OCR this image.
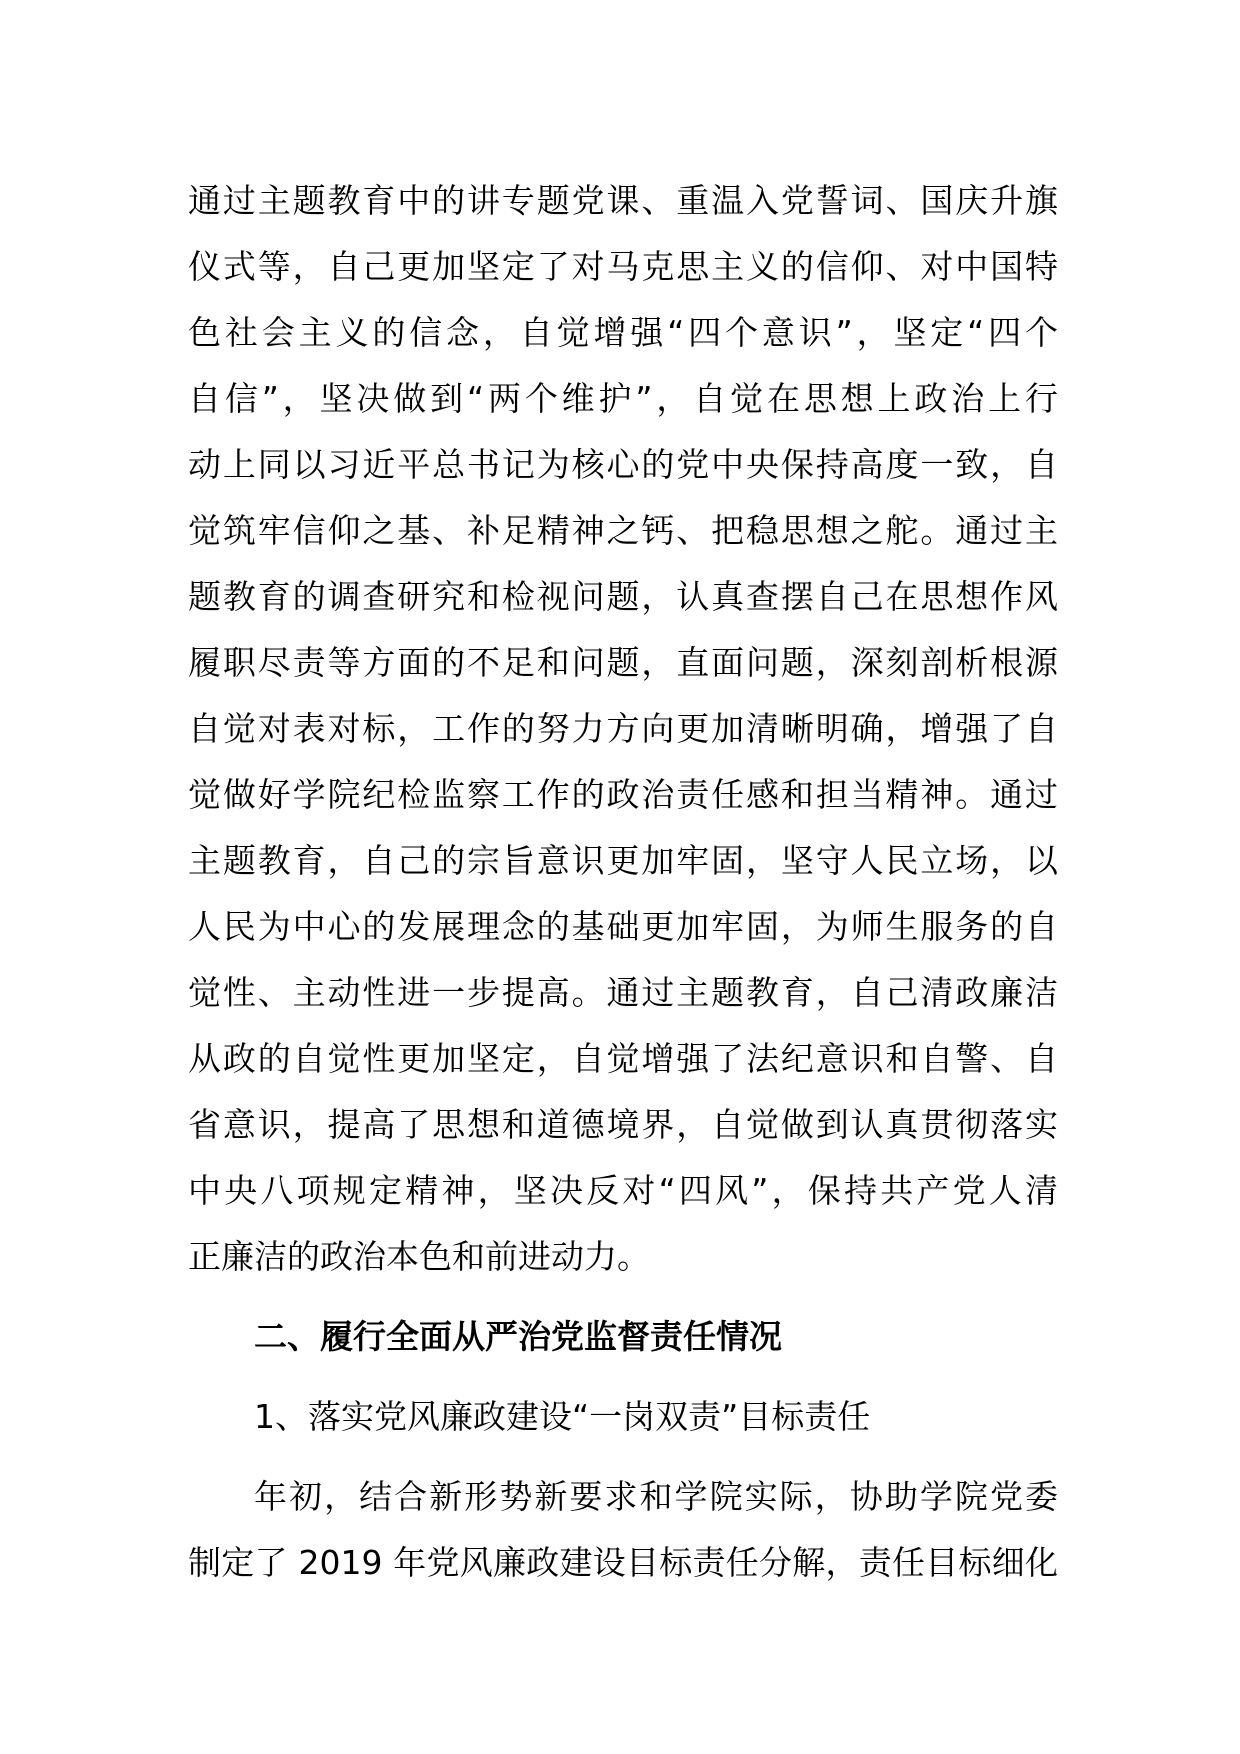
通过主题教育中的讲专题党课、重温入党誓词、国庆升旗
仪式等，自己更加坚定了对马克思主义的信仰、对中国特
色社会主义的信念，自觉增强“四个意识”，坚定“四个
自信”，坚决做到“两个维护”，自觉在思想上政治上行
动上同以习近平总书记为核心的党中央保持高度一致，自
觉筑牢信仰之基、补足精神之钙、把稳思想之舵。通过主
题教育的调查研究和检视问题，认真查摆自己在思想作风
履职尽责等方面的不足和问题，直面问题，深刻剖析根源
自觉对表对标，工作的努力方向更加清晰明确，增强了自
觉做好学院纪检监察工作的政治责任感和担当精神。通过
主题教育，自己的宗旨意识更加牢固，坚守人民立场，以
人民为中心的发展理念的基础更加牢固，为师生服务的自
觉性、主动性进一步提高。通过主题教育，自己清政廉洁
从政的自觉性更加坚定，自觉增强了法纪意识和自警、自
省意识，提高了思想和道德境界，自觉做到认真贯彻落实
中央八项规定精神，坚决反对“四风”，保持共产党人清
正廉洁的政治本色和前进动力。
二、履行全面从严治党监督责任情况
1、落实党风廉政建设“一岗双责”目标责任
年初，结合新形势新要求和学院实际，协助学院党委
制定了 2019 年党风廉政建设目标责任分解，责任目标细化
